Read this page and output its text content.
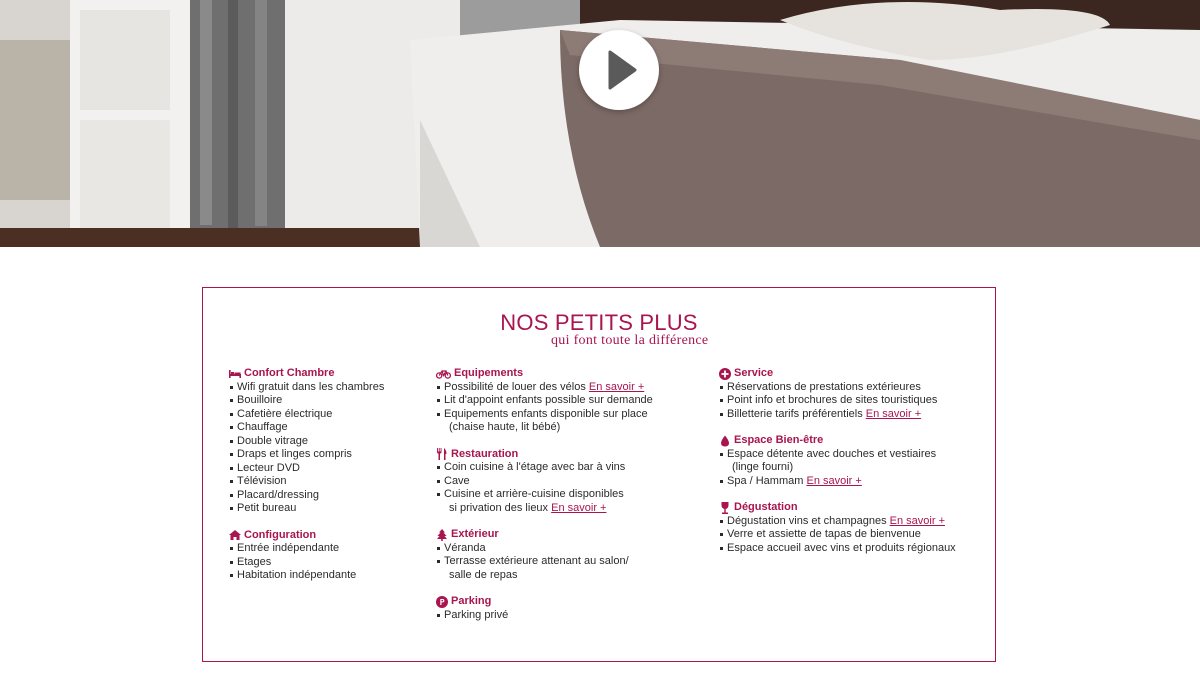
NOS PETITS PLUS
qui font toute la différence
Confort Chambre
Wifi gratuit dans les chambres
Bouilloire
Cafetière électrique
Chauffage
Double vitrage
Draps et linges compris
Lecteur DVD
Télévision
Placard/dressing
Petit bureau
Configuration
Entrée indépendante
Etages
Habitation indépendante
Equipements
Possibilité de louer des vélos En savoir +
Lit d'appoint enfants possible sur demande
Equipements enfants disponible sur place
(chaise haute, lit bébé)
Restauration
Coin cuisine à l'étage avec bar à vins
Cave
Cuisine et arrière-cuisine disponibles
si privation des lieux En savoir +
Extérieur
Véranda
Terrasse extérieure attenant au salon/
salle de repas
Parking
Parking privé
Service
Réservations de prestations extérieures
Point info et brochures de sites touristiques
Billetterie tarifs préférentiels En savoir +
Espace Bien-être
Espace détente avec douches et vestiaires
(linge fourni)
Spa / Hammam En savoir +
Dégustation
Dégustation vins et champagnes En savoir +
Verre et assiette de tapas de bienvenue
Espace accueil avec vins et produits régionaux
